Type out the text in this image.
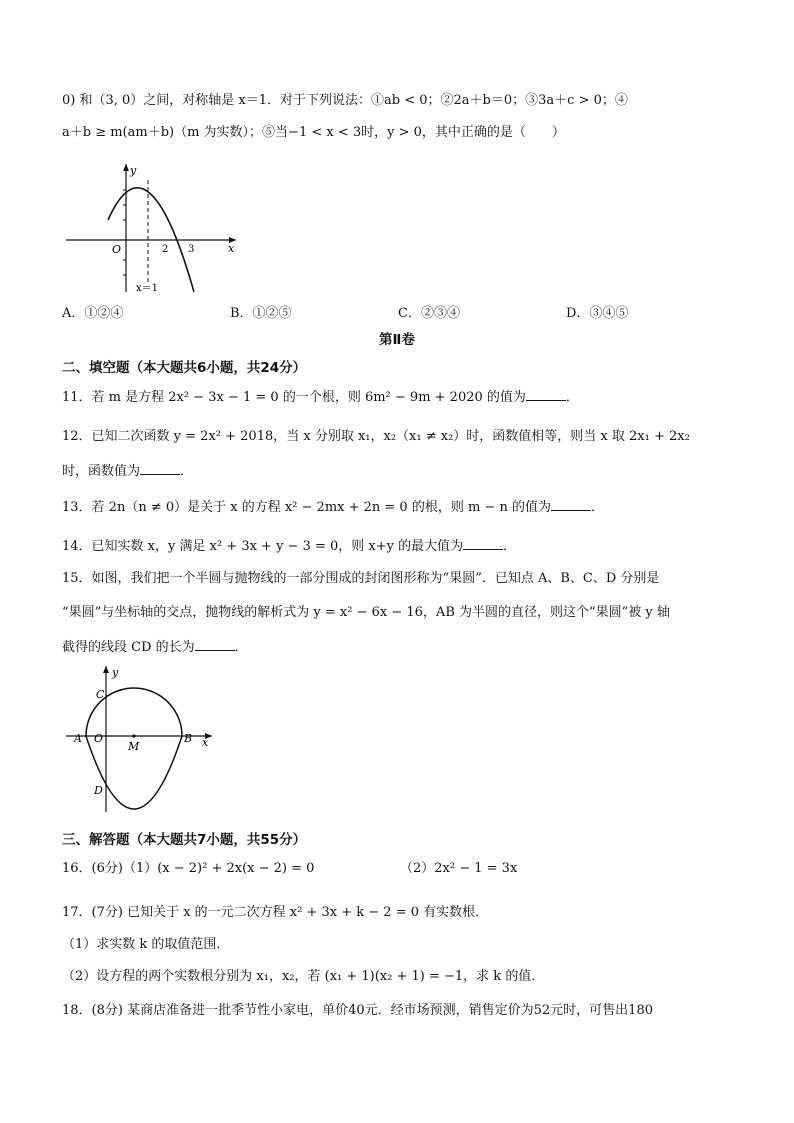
0) 和（3, 0）之间，对称轴是 x＝1．对于下列说法：①ab < 0；②2a＋b＝0；③3a＋c > 0；④
a＋b ≥ m(am＋b)（m 为实数）；⑤当−1 < x < 3时，y > 0，其中正确的是（　　）
y
O	2 3	x
x＝1
A．①②④	B．①②⑤	C．②③④	D．③④⑤
第Ⅱ卷
二、填空题（本大题共6小题，共24分）
11．若 m 是方程 2x² − 3x − 1 = 0 的一个根，则 6m² − 9m + 2020 的值为	．
12．已知二次函数 y = 2x² + 2018，当 x 分别取 x₁，x₂（x₁ ≠ x₂）时，函数值相等，则当 x 取 2x₁ + 2x₂
时，函数值为	．
13．若 2n（n ≠ 0）是关于 x 的方程 x² − 2mx + 2n = 0 的根，则 m − n 的值为	．
14．已知实数 x，y 满足 x² + 3x + y − 3 = 0，则 x+y 的最大值为	．
15．如图，我们把一个半圆与抛物线的一部分围成的封闭图形称为“果圆”．已知点 A、B、C、D 分别是
“果圆”与坐标轴的交点，抛物线的解析式为 y = x² − 6x − 16，AB 为半圆的直径，则这个“果圆”被 y 轴
截得的线段 CD 的长为	．
y
C
A O
M
B x
D
三、解答题（本大题共7小题，共55分）
16．(6分)（1）(x − 2)² + 2x(x − 2) = 0	（2）2x² − 1 = 3x
17．(7分) 已知关于 x 的一元二次方程 x² + 3x + k − 2 = 0 有实数根．
（1）求实数 k 的取值范围．
（2）设方程的两个实数根分别为 x₁，x₂，若 (x₁ + 1)(x₂ + 1) = −1，求 k 的值．
18．(8分) 某商店准备进一批季节性小家电，单价40元．经市场预测，销售定价为52元时，可售出180
